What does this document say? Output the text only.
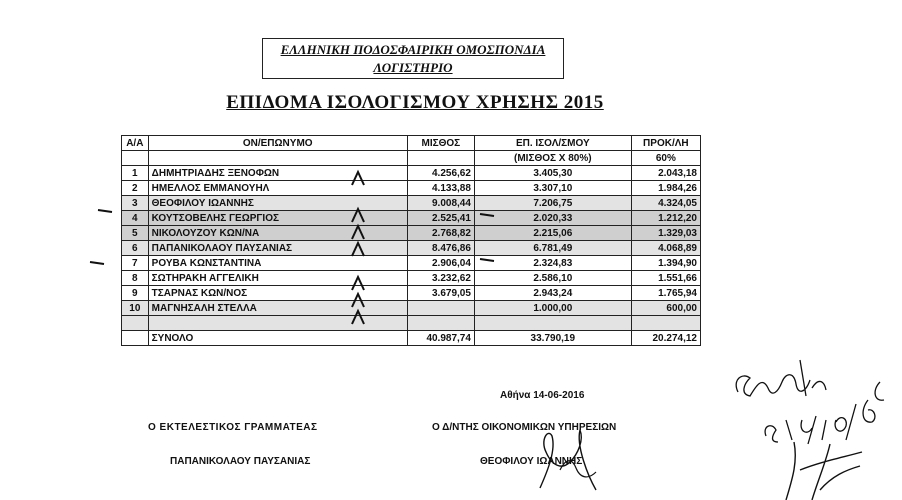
ΕΛΛΗΝΙΚΗ ΠΟΔΟΣΦΑΙΡΙΚΗ ΟΜΟΣΠΟΝΔΙΑ
ΛΟΓΙΣΤΗΡΙΟ
ΕΠΙΔΟΜΑ ΙΣΟΛΟΓΙΣΜΟΥ ΧΡΗΣΗΣ 2015
Α/Α	ΟΝ/ΕΠΩΝΥΜΟ	ΜΙΣΘΟΣ	ΕΠ. ΙΣΟΛ/ΣΜΟΥ	ΠΡΟΚ/ΛΗ
			(ΜΙΣΘΟΣ Χ 80%)	60%
1	ΔΗΜΗΤΡΙΑΔΗΣ ΞΕΝΟΦΩΝ	4.256,62	3.405,30	2.043,18
2	ΗΜΕΛΛΟΣ ΕΜΜΑΝΟΥΗΛ	4.133,88	3.307,10	1.984,26
3	ΘΕΟΦΙΛΟΥ ΙΩΑΝΝΗΣ	9.008,44	7.206,75	4.324,05
4	ΚΟΥΤΣΟΒΕΛΗΣ ΓΕΩΡΓΙΟΣ	2.525,41	2.020,33	1.212,20
5	ΝΙΚΟΛΟΥΖΟΥ ΚΩΝ/ΝΑ	2.768,82	2.215,06	1.329,03
6	ΠΑΠΑΝΙΚΟΛΑΟΥ ΠΑΥΣΑΝΙΑΣ	8.476,86	6.781,49	4.068,89
7	ΡΟΥΒΑ ΚΩΝΣΤΑΝΤΙΝΑ	2.906,04	2.324,83	1.394,90
8	ΣΩΤΗΡΑΚΗ ΑΓΓΕΛΙΚΗ	3.232,62	2.586,10	1.551,66
9	ΤΣΑΡΝΑΣ ΚΩΝ/ΝΟΣ	3.679,05	2.943,24	1.765,94
10	ΜΑΓΝΗΣΑΛΗ ΣΤΕΛΛΑ		1.000,00	600,00

	ΣΥΝΟΛΟ	40.987,74	33.790,19	20.274,12
Αθήνα 14-06-2016
Ο ΕΚΤΕΛΕΣΤΙΚΟΣ ΓΡΑΜΜΑΤΕΑΣ
ΠΑΠΑΝΙΚΟΛΑΟΥ ΠΑΥΣΑΝΙΑΣ
Ο Δ/ΝΤΗΣ ΟΙΚΟΝΟΜΙΚΩΝ ΥΠΗΡΕΣΙΩΝ
ΘΕΟΦΙΛΟΥ ΙΩΑΝΝΗΣ
